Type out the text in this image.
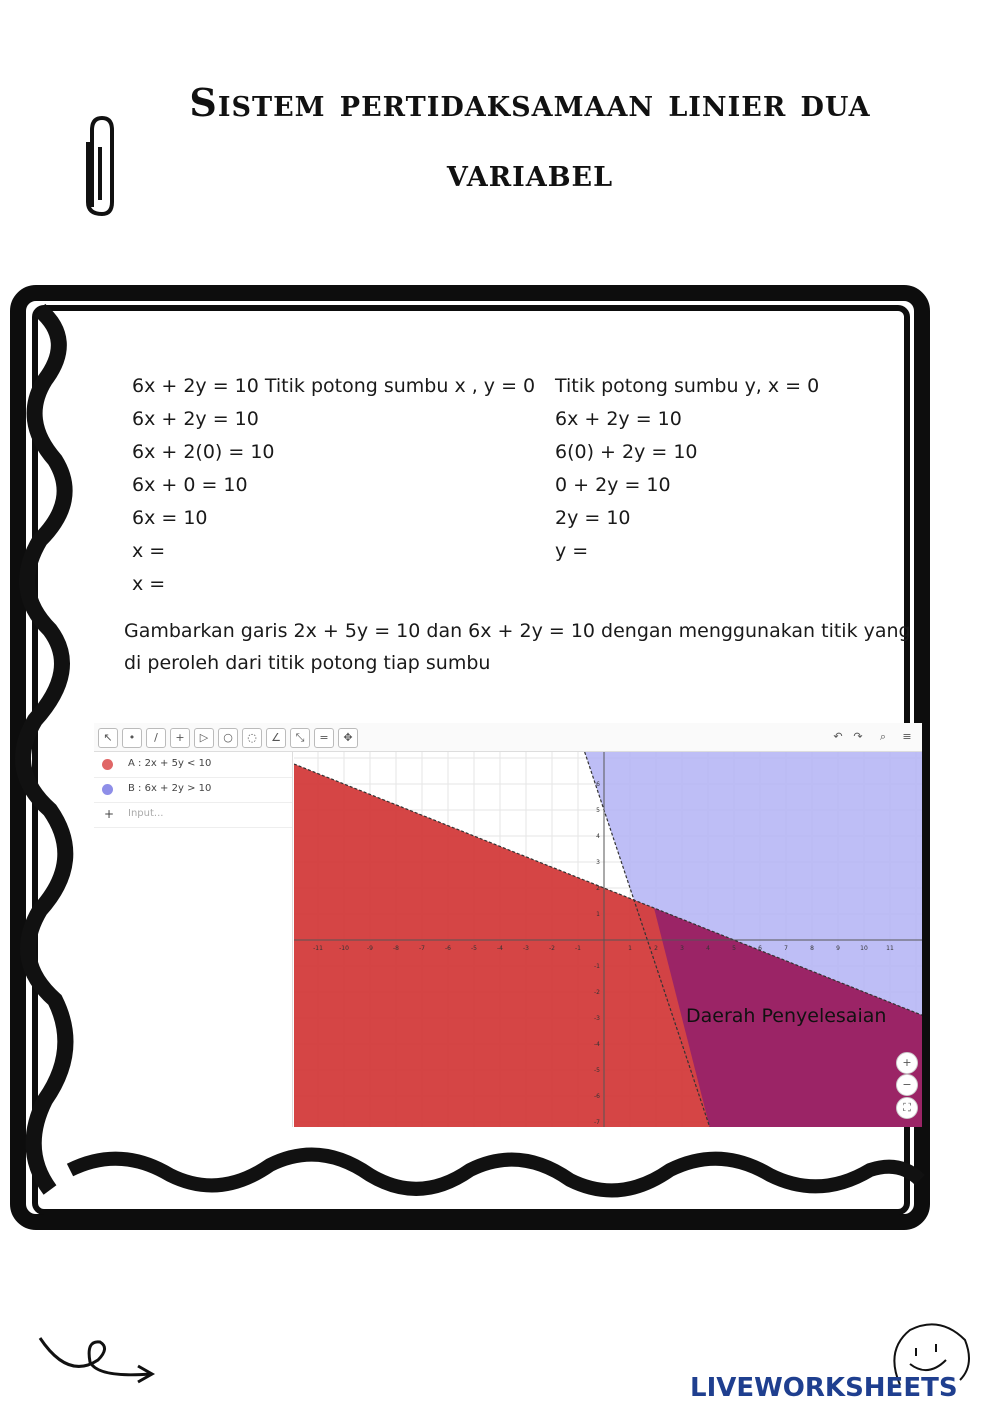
Sistem pertidaksamaan linier dua
variabel
6x + 2y = 10 Titik potong sumbu x , y = 0
6x + 2y = 10
6x + 2(0) = 10
6x + 0 = 10
6x = 10
x =
x =
Titik potong sumbu y, x = 0
6x + 2y = 10
6(0) + 2y = 10
0 + 2y = 10
2y = 10
y =
Gambarkan garis 2x + 5y = 10 dan 6x + 2y = 10 dengan menggunakan titik yang
di peroleh dari titik potong tiap sumbu
↖	•	/	+	▷	○	◌	∠	⤡	=	✥	↶ ↷	⌕	≡
A : 2x + 5y < 10
B : 6x + 2y > 10
+ Input...
-11	-10	-9	-8	-7	-6	-5	-4	-3	-2	-1	1	2	3	4	5	6	7	8	9	10	11
-7
-6
-5
-4
-3
-2
-1
1
2
3
4
5
6
Daerah Penyelesaian
+
−
⛶
LIVEWORKSHEETS
